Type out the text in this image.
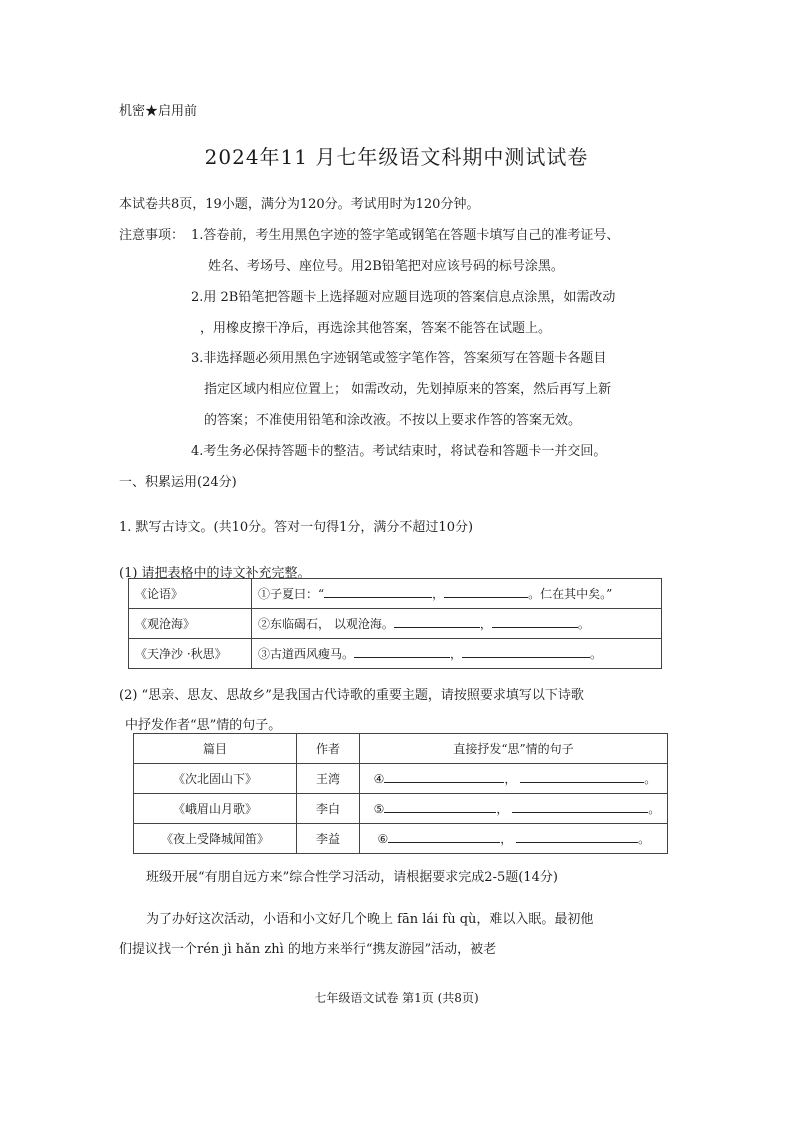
机密★启用前
2024年11 月七年级语文科期中测试试卷
本试卷共8页，19小题，满分为120分。考试用时为120分钟。
注意事项： 1.答卷前，考生用黑色字迹的签字笔或钢笔在答题卡填写自己的准考证号、
姓名、考场号、座位号。用2B铅笔把对应该号码的标号涂黑。
2.用 2B铅笔把答题卡上选择题对应题目选项的答案信息点涂黑，如需改动
，用橡皮擦干净后，再选涂其他答案，答案不能答在试题上。
3.非选择题必须用黑色字迹钢笔或签字笔作答，答案须写在答题卡各题目
指定区域内相应位置上； 如需改动，先划掉原来的答案，然后再写上新
的答案；不准使用铅笔和涂改液。不按以上要求作答的答案无效。
4.考生务必保持答题卡的整洁。考试结束时，将试卷和答题卡一并交回。
一、积累运用(24分)
1. 默写古诗文。(共10分。答对一句得1分，满分不超过10分)
(1) 请把表格中的诗文补充完整。
《论语》	①子夏曰：“ ， 。仁在其中矣。”
《观沧海》	②东临碣石， 以观沧海。 ， 。
《天净沙 ·秋思》	③古道西风瘦马。 ， 。
(2) “思亲、思友、思故乡”是我国古代诗歌的重要主题，请按照要求填写以下诗歌
中抒发作者“思”情的句子。
篇目	作者	直接抒发“思”情的句子
《次北固山下》	王湾	④ ， 。
《峨眉山月歌》	李白	⑤ ， 。
《夜上受降城闻笛》	李益	⑥ ， 。
班级开展“有朋自远方来”综合性学习活动，请根据要求完成2-5题(14分)
为了办好这次活动，小语和小文好几个晚上 fān lái fù qù，难以入眠。最初他
们提议找一个rén jì hǎn zhì 的地方来举行“携友游园”活动，被老
七年级语文试卷 第1页 (共8页)
